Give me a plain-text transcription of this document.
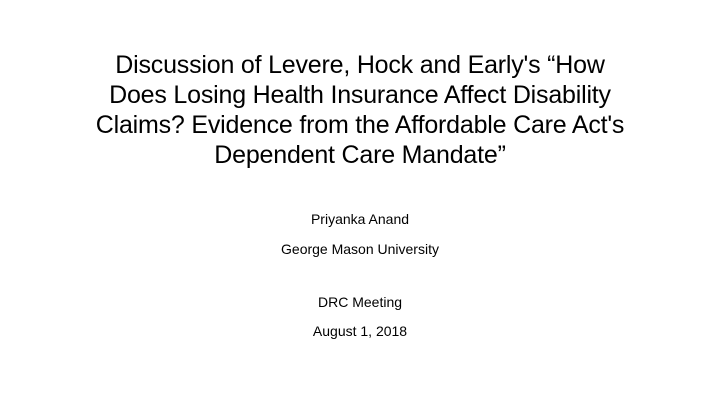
Discussion of Levere, Hock and Early's “How
Does Losing Health Insurance Affect Disability
Claims? Evidence from the Affordable Care Act's
Dependent Care Mandate”
Priyanka Anand
George Mason University
DRC Meeting
August 1, 2018
